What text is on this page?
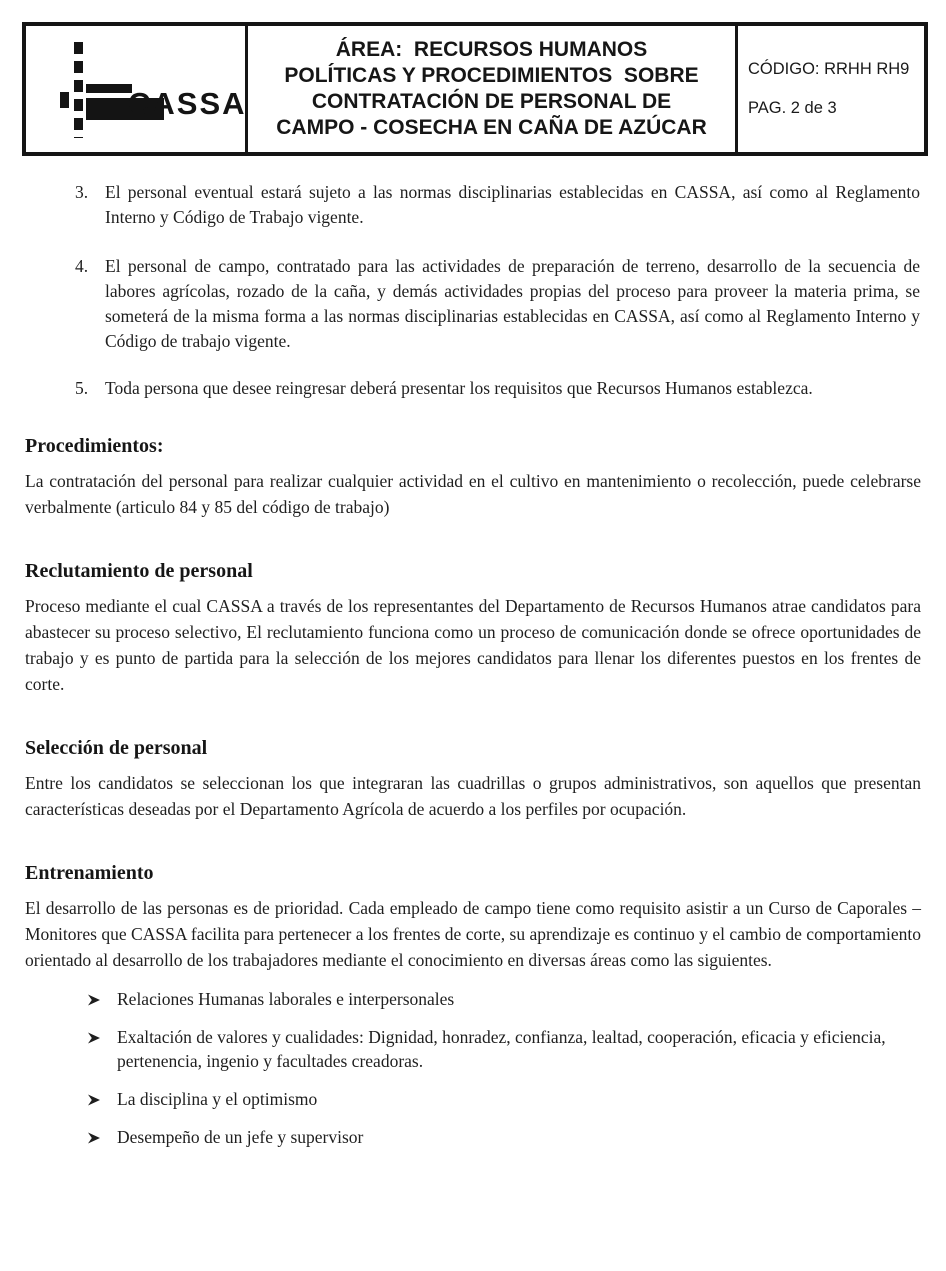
CASSA
ÁREA:  RECURSOS HUMANOS
POLÍTICAS Y PROCEDIMIENTOS  SOBRE
CONTRATACIÓN DE PERSONAL DE
CAMPO - COSECHA EN CAÑA DE AZÚCAR
CÓDIGO: RRHH RH9
PAG. 2 de 3
3. El personal eventual estará sujeto a las normas disciplinarias establecidas en CASSA, así como al Reglamento Interno y Código de Trabajo vigente.
4. El personal de campo, contratado para las actividades de preparación de terreno, desarrollo de la secuencia de labores agrícolas, rozado de la caña, y demás actividades propias del proceso para proveer la materia prima, se someterá de la misma forma a las normas disciplinarias establecidas en CASSA, así como al Reglamento Interno y Código de trabajo vigente.
5. Toda persona que desee reingresar deberá presentar los requisitos que Recursos Humanos establezca.
Procedimientos:
La contratación del personal para realizar cualquier actividad en el cultivo en mantenimiento o recolección, puede celebrarse verbalmente (articulo 84 y 85 del código de trabajo)
Reclutamiento de personal
Proceso mediante el cual CASSA a través de los representantes del Departamento de Recursos Humanos atrae candidatos para abastecer su proceso selectivo, El reclutamiento funciona como un proceso de comunicación donde se ofrece oportunidades de trabajo y es punto de partida para la selección de los mejores candidatos para llenar los diferentes puestos en los frentes de corte.
Selección de personal
Entre los candidatos se seleccionan los que integraran las cuadrillas o grupos administrativos, son aquellos que presentan características deseadas por el Departamento Agrícola de acuerdo a los perfiles por ocupación.
Entrenamiento
El desarrollo de las personas es de prioridad. Cada empleado de campo tiene como requisito asistir a un Curso de Caporales – Monitores que CASSA facilita para pertenecer a los frentes de corte, su aprendizaje es continuo y el cambio de comportamiento orientado al desarrollo de los trabajadores mediante el conocimiento en diversas áreas como las siguientes.
Relaciones Humanas laborales e interpersonales
Exaltación de valores y cualidades: Dignidad, honradez, confianza, lealtad, cooperación, eficacia y eficiencia, pertenencia, ingenio y facultades creadoras.
La disciplina y el optimismo
Desempeño de un jefe y supervisor
